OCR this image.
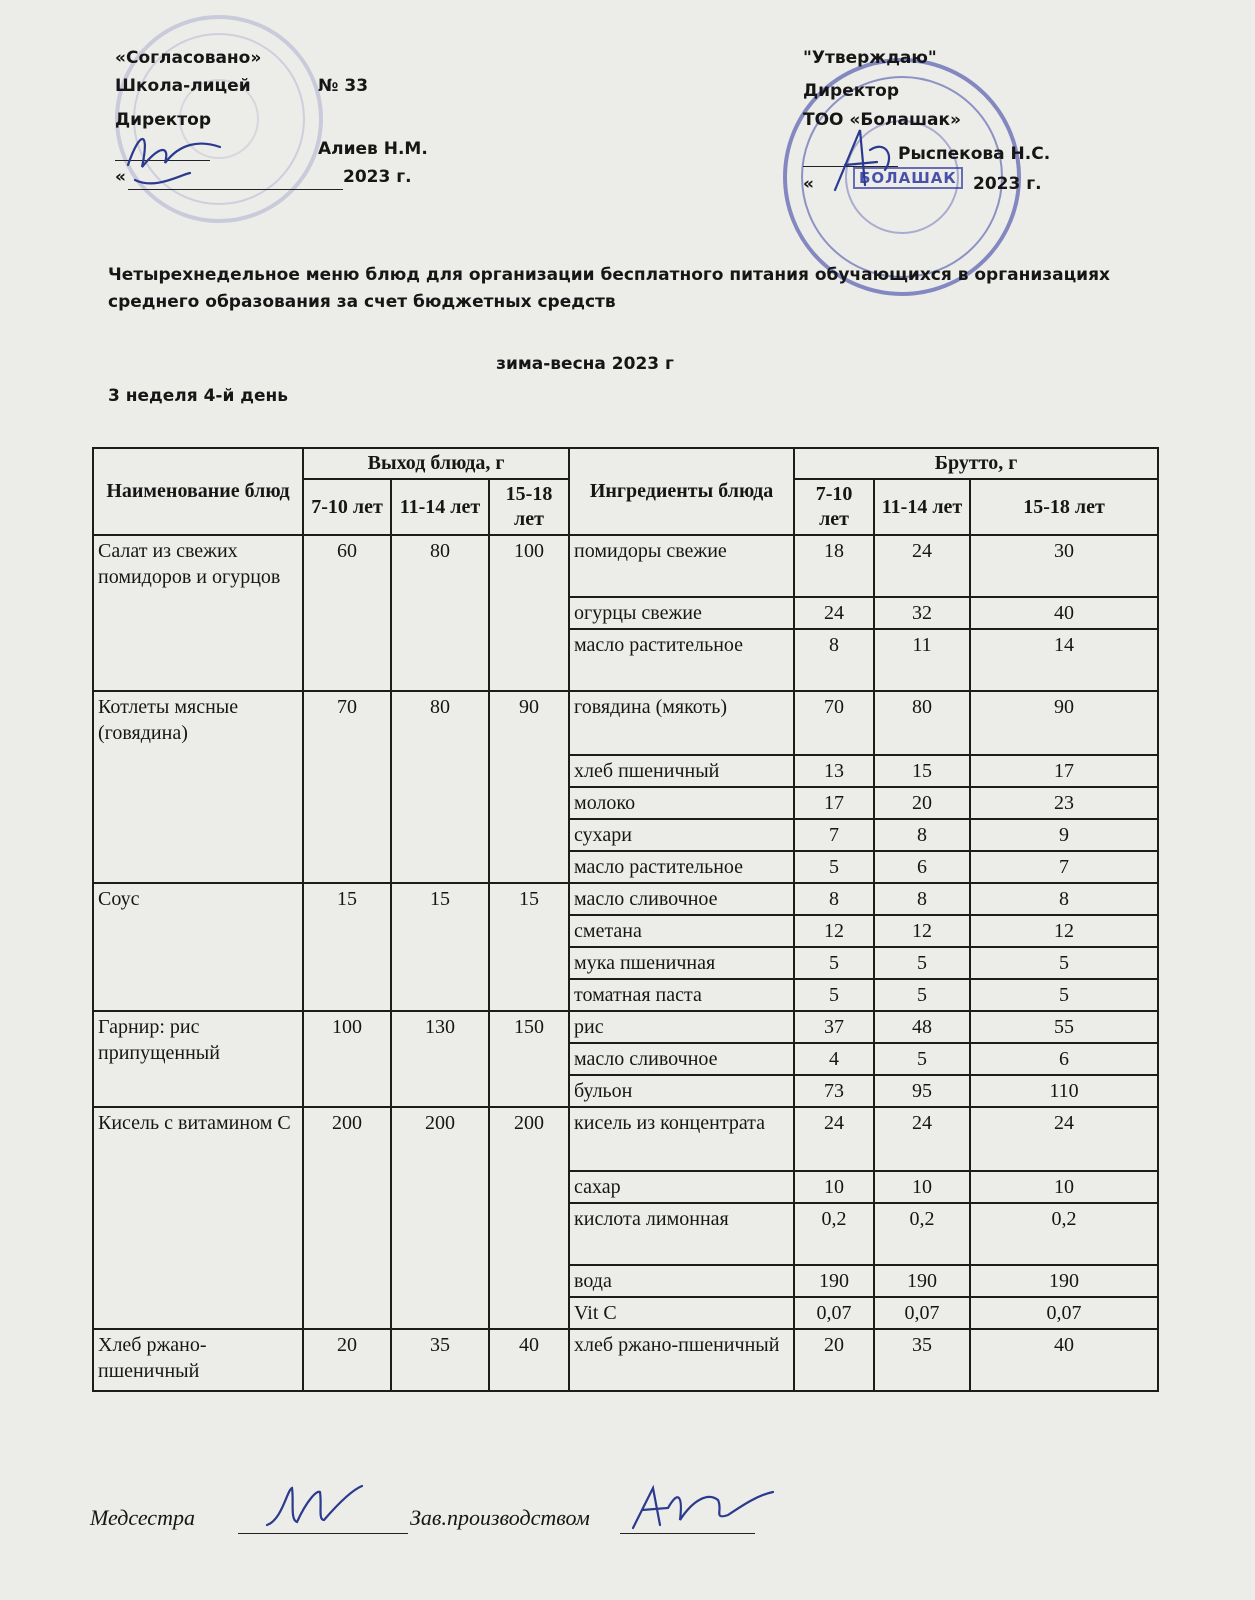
БОЛАШАК
«Согласовано»
Школа-лицей	№ 33
Директор
Алиев Н.М.
«	2023 г.
"Утверждаю"
Директор
ТОО «Болашак»
Рыспекова Н.С.
«	2023 г.
Четырехнедельное меню блюд для организации бесплатного питания обучающихся в организациях среднего образования за счет бюджетных средств
зима-весна 2023 г
3 неделя 4-й день
Наименование блюд	Выход блюда, г			Ингредиенты блюда	Брутто, г		
	7-10 лет	11-14 лет	15-18 лет		7-10 лет	11-14 лет	15-18 лет
Салат из свежих помидоров и огурцов	60	80	100	помидоры свежие	18	24	30
				огурцы свежие	24	32	40
				масло растительное	8	11	14
Котлеты мясные (говядина)	70	80	90	говядина (мякоть)	70	80	90
				хлеб пшеничный	13	15	17
				молоко	17	20	23
				сухари	7	8	9
				масло растительное	5	6	7
Соус	15	15	15	масло сливочное	8	8	8
				сметана	12	12	12
				мука пшеничная	5	5	5
				томатная паста	5	5	5
Гарнир: рис припущенный	100	130	150	рис	37	48	55
				масло сливочное	4	5	6
				бульон	73	95	110
Кисель с витамином С	200	200	200	кисель из концентрата	24	24	24
				сахар	10	10	10
				кислота лимонная	0,2	0,2	0,2
				вода	190	190	190
				Vit C	0,07	0,07	0,07
Хлеб ржано-пшеничный	20	35	40	хлеб ржано-пшеничный	20	35	40
Медсестра	Зав.производством
